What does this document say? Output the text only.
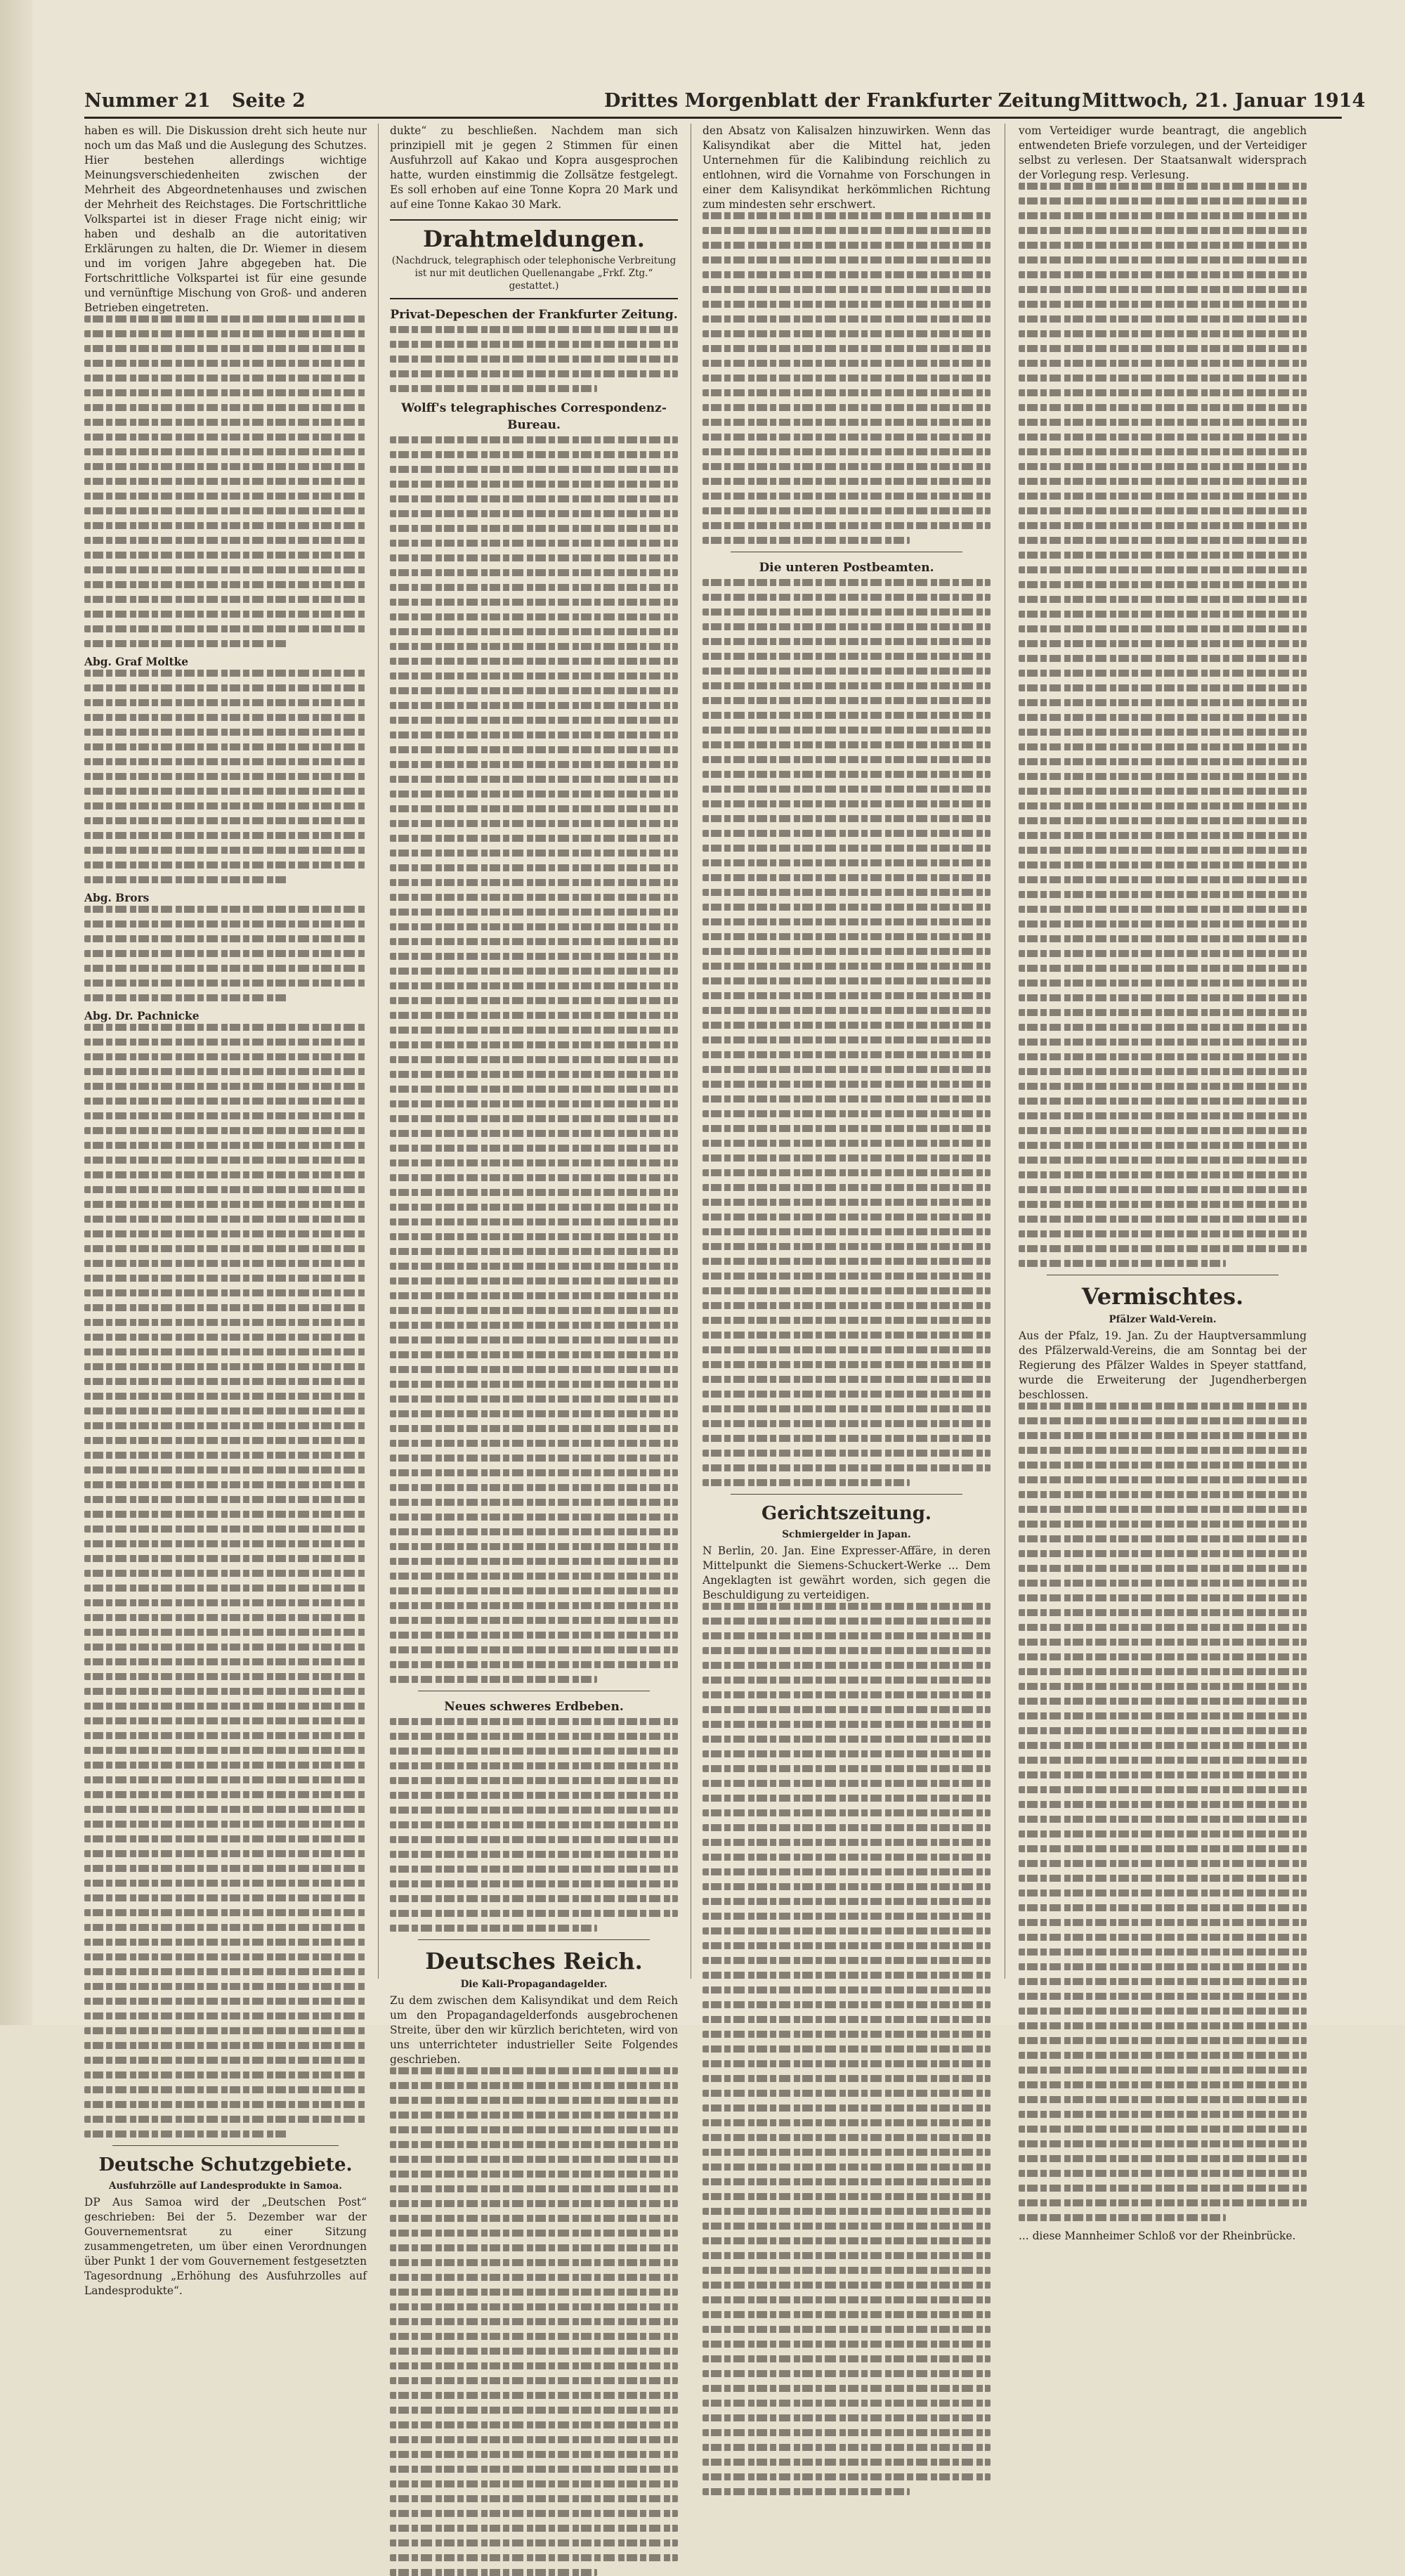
Nummer 21 Seite 2	Drittes Morgenblatt der Frankfurter Zeitung Mittwoch, 21. Januar 1914

haben es will. Die Diskussion dreht sich heute nur noch um das Maß und die Auslegung des Schutzes. Hier bestehen allerdings wichtige Meinungsverschiedenheiten zwischen der Mehrheit des Abgeordnetenhauses und zwischen der Mehrheit des Reichstages. Die Fortschrittliche Volkspartei ist in dieser Frage nicht einig; wir haben und deshalb an die autoritativen Erklärungen zu halten, die Dr. Wiemer in diesem und im vorigen Jahre abgegeben hat. Die Fortschrittliche Volkspartei ist für eine gesunde und vernünftige Mischung von Groß- und anderen Betrieben eingetreten.

Abg. Graf Moltke

Abg. Brors

Abg. Dr. Pachnicke

Deutsche Schutzgebiete.
Ausfuhrzölle auf Landesprodukte in Samoa.

DP Aus Samoa wird der „Deutschen Post“ geschrieben: Bei der 5. Dezember war der Gouvernementsrat zu einer Sitzung zusammengetreten, um über einen Verordnungen über Punkt 1 der vom Gouvernement festgesetzten Tagesordnung „Erhöhung des Ausfuhrzolles auf Landesprodukte“.

dukte“ zu beschließen. Nachdem man sich prinzipiell mit je gegen 2 Stimmen für einen Ausfuhrzoll auf Kakao und Kopra ausgesprochen hatte, wurden einstimmig die Zollsätze festgelegt. Es soll erhoben auf eine Tonne Kopra 20 Mark und auf eine Tonne Kakao 30 Mark.

Drahtmeldungen.
(Nachdruck, telegraphisch oder telephonische Verbreitung ist nur mit deutlichen Quellenangabe „Frkf. Ztg.“ gestattet.)
Privat-Depeschen der Frankfurter Zeitung.
Wolff's telegraphisches Correspondenz-Bureau.
Neues schweres Erdbeben.
Deutsches Reich.
Die Kali-Propagandagelder.

Zu dem zwischen dem Kalisyndikat und dem Reich um den Propagandagelderfonds ausgebrochenen Streite, über den wir kürzlich berichteten, wird von uns unterrichteter industrieller Seite Folgendes geschrieben.

den Absatz von Kalisalzen hinzuwirken. Wenn das Kalisyndikat aber die Mittel hat, jeden Unternehmen für die Kalibindung reichlich zu entlohnen, wird die Vornahme von Forschungen in einer dem Kalisyndikat herkömmlichen Richtung zum mindesten sehr erschwert.

Die unteren Postbeamten.
Gerichtszeitung.
Schmiergelder in Japan.

N Berlin, 20. Jan. Eine Expresser-Affäre, in deren Mittelpunkt die Siemens-Schuckert-Werke ... Dem Angeklagten ist gewährt worden, sich gegen die Beschuldigung zu verteidigen.

vom Verteidiger wurde beantragt, die angeblich entwendeten Briefe vorzulegen, und der Verteidiger selbst zu verlesen. Der Staatsanwalt widersprach der Vorlegung resp. Verlesung.

Vermischtes.
Pfälzer Wald-Verein.

Aus der Pfalz, 19. Jan. Zu der Hauptversammlung des Pfälzerwald-Vereins, die am Sonntag bei der Regierung des Pfälzer Waldes in Speyer stattfand, wurde die Erweiterung der Jugendherbergen beschlossen.

... diese Mannheimer Schloß vor der Rheinbrücke.
